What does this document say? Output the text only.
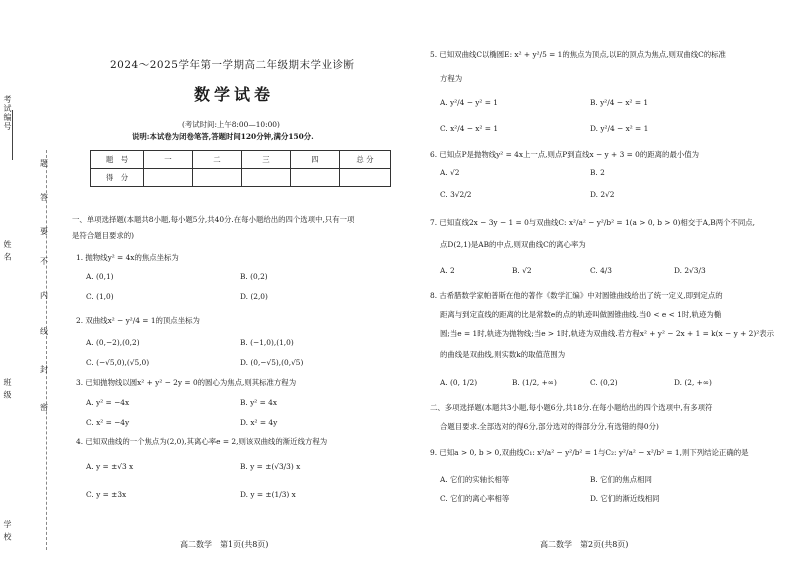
考试编号
姓 名
班 级
学 校
题
答
要
不
内
线
封
密
2024～2025学年第一学期高二年级期末学业诊断
数学试卷
(考试时间:上午8:00—10:00)
说明:本试卷为闭卷笔答,答题时间120分钟,满分150分.
题　号	一	二	三	四	总 分
得　分					
一、单项选择题(本题共8小题,每小题5分,共40分.在每小题给出的四个选项中,只有一项
是符合题目要求的)
1. 抛物线y² = 4x的焦点坐标为
A. (0,1)	B. (0,2)
C. (1,0)	D. (2,0)
2. 双曲线x² − y²/4 = 1的顶点坐标为
A. (0,−2),(0,2)	B. (−1,0),(1,0)
C. (−√5,0),(√5,0)	D. (0,−√5),(0,√5)
3. 已知抛物线以圆x² + y² − 2y = 0的圆心为焦点,则其标准方程为
A. y² = −4x	B. y² = 4x
C. x² = −4y	D. x² = 4y
4. 已知双曲线的一个焦点为(2,0),其离心率e = 2,则该双曲线的渐近线方程为
A. y = ±√3 x	B. y = ±(√3/3) x
C. y = ±3x	D. y = ±(1/3) x
高二数学　第1页(共8页)
5. 已知双曲线C以椭圆E: x² + y²/5 = 1的焦点为顶点,以E的顶点为焦点,则双曲线C的标准
方程为
A. y²/4 − y² = 1	B. y²/4 − x² = 1
C. x²/4 − x² = 1	D. y²/4 − x² = 1
6. 已知点P是抛物线y² = 4x上一点,则点P到直线x − y + 3 = 0的距离的最小值为
A. √2	B. 2
C. 3√2/2	D. 2√2
7. 已知直线2x − 3y − 1 = 0与双曲线C: x²/a² − y²/b² = 1(a > 0, b > 0)相交于A,B两个不同点,
点D(2,1)是AB的中点,则双曲线C的离心率为
A. 2	B. √2	C. 4/3	D. 2√3/3
8. 古希腊数学家帕普斯在他的著作《数学汇编》中对圆锥曲线给出了统一定义,即到定点的
距离与到定直线的距离的比是常数e的点的轨迹叫做圆锥曲线.当0 < e < 1时,轨迹为椭
圆;当e = 1时,轨迹为抛物线;当e > 1时,轨迹为双曲线.若方程x² + y² − 2x + 1 = k(x − y + 2)²表示
的曲线是双曲线,则实数k的取值范围为
A. (0, 1/2)	B. (1/2, +∞)	C. (0,2)	D. (2, +∞)
二、多项选择题(本题共3小题,每小题6分,共18分.在每小题给出的四个选项中,有多项符
合题目要求.全部选对的得6分,部分选对的得部分分,有选错的得0分)
9. 已知a > 0, b > 0,双曲线C₁: x²/a² − y²/b² = 1与C₂: y²/a² − x²/b² = 1,则下列结论正确的是
A. 它们的实轴长相等	B. 它们的焦点相同
C. 它们的离心率相等	D. 它们的渐近线相同
高二数学　第2页(共8页)
